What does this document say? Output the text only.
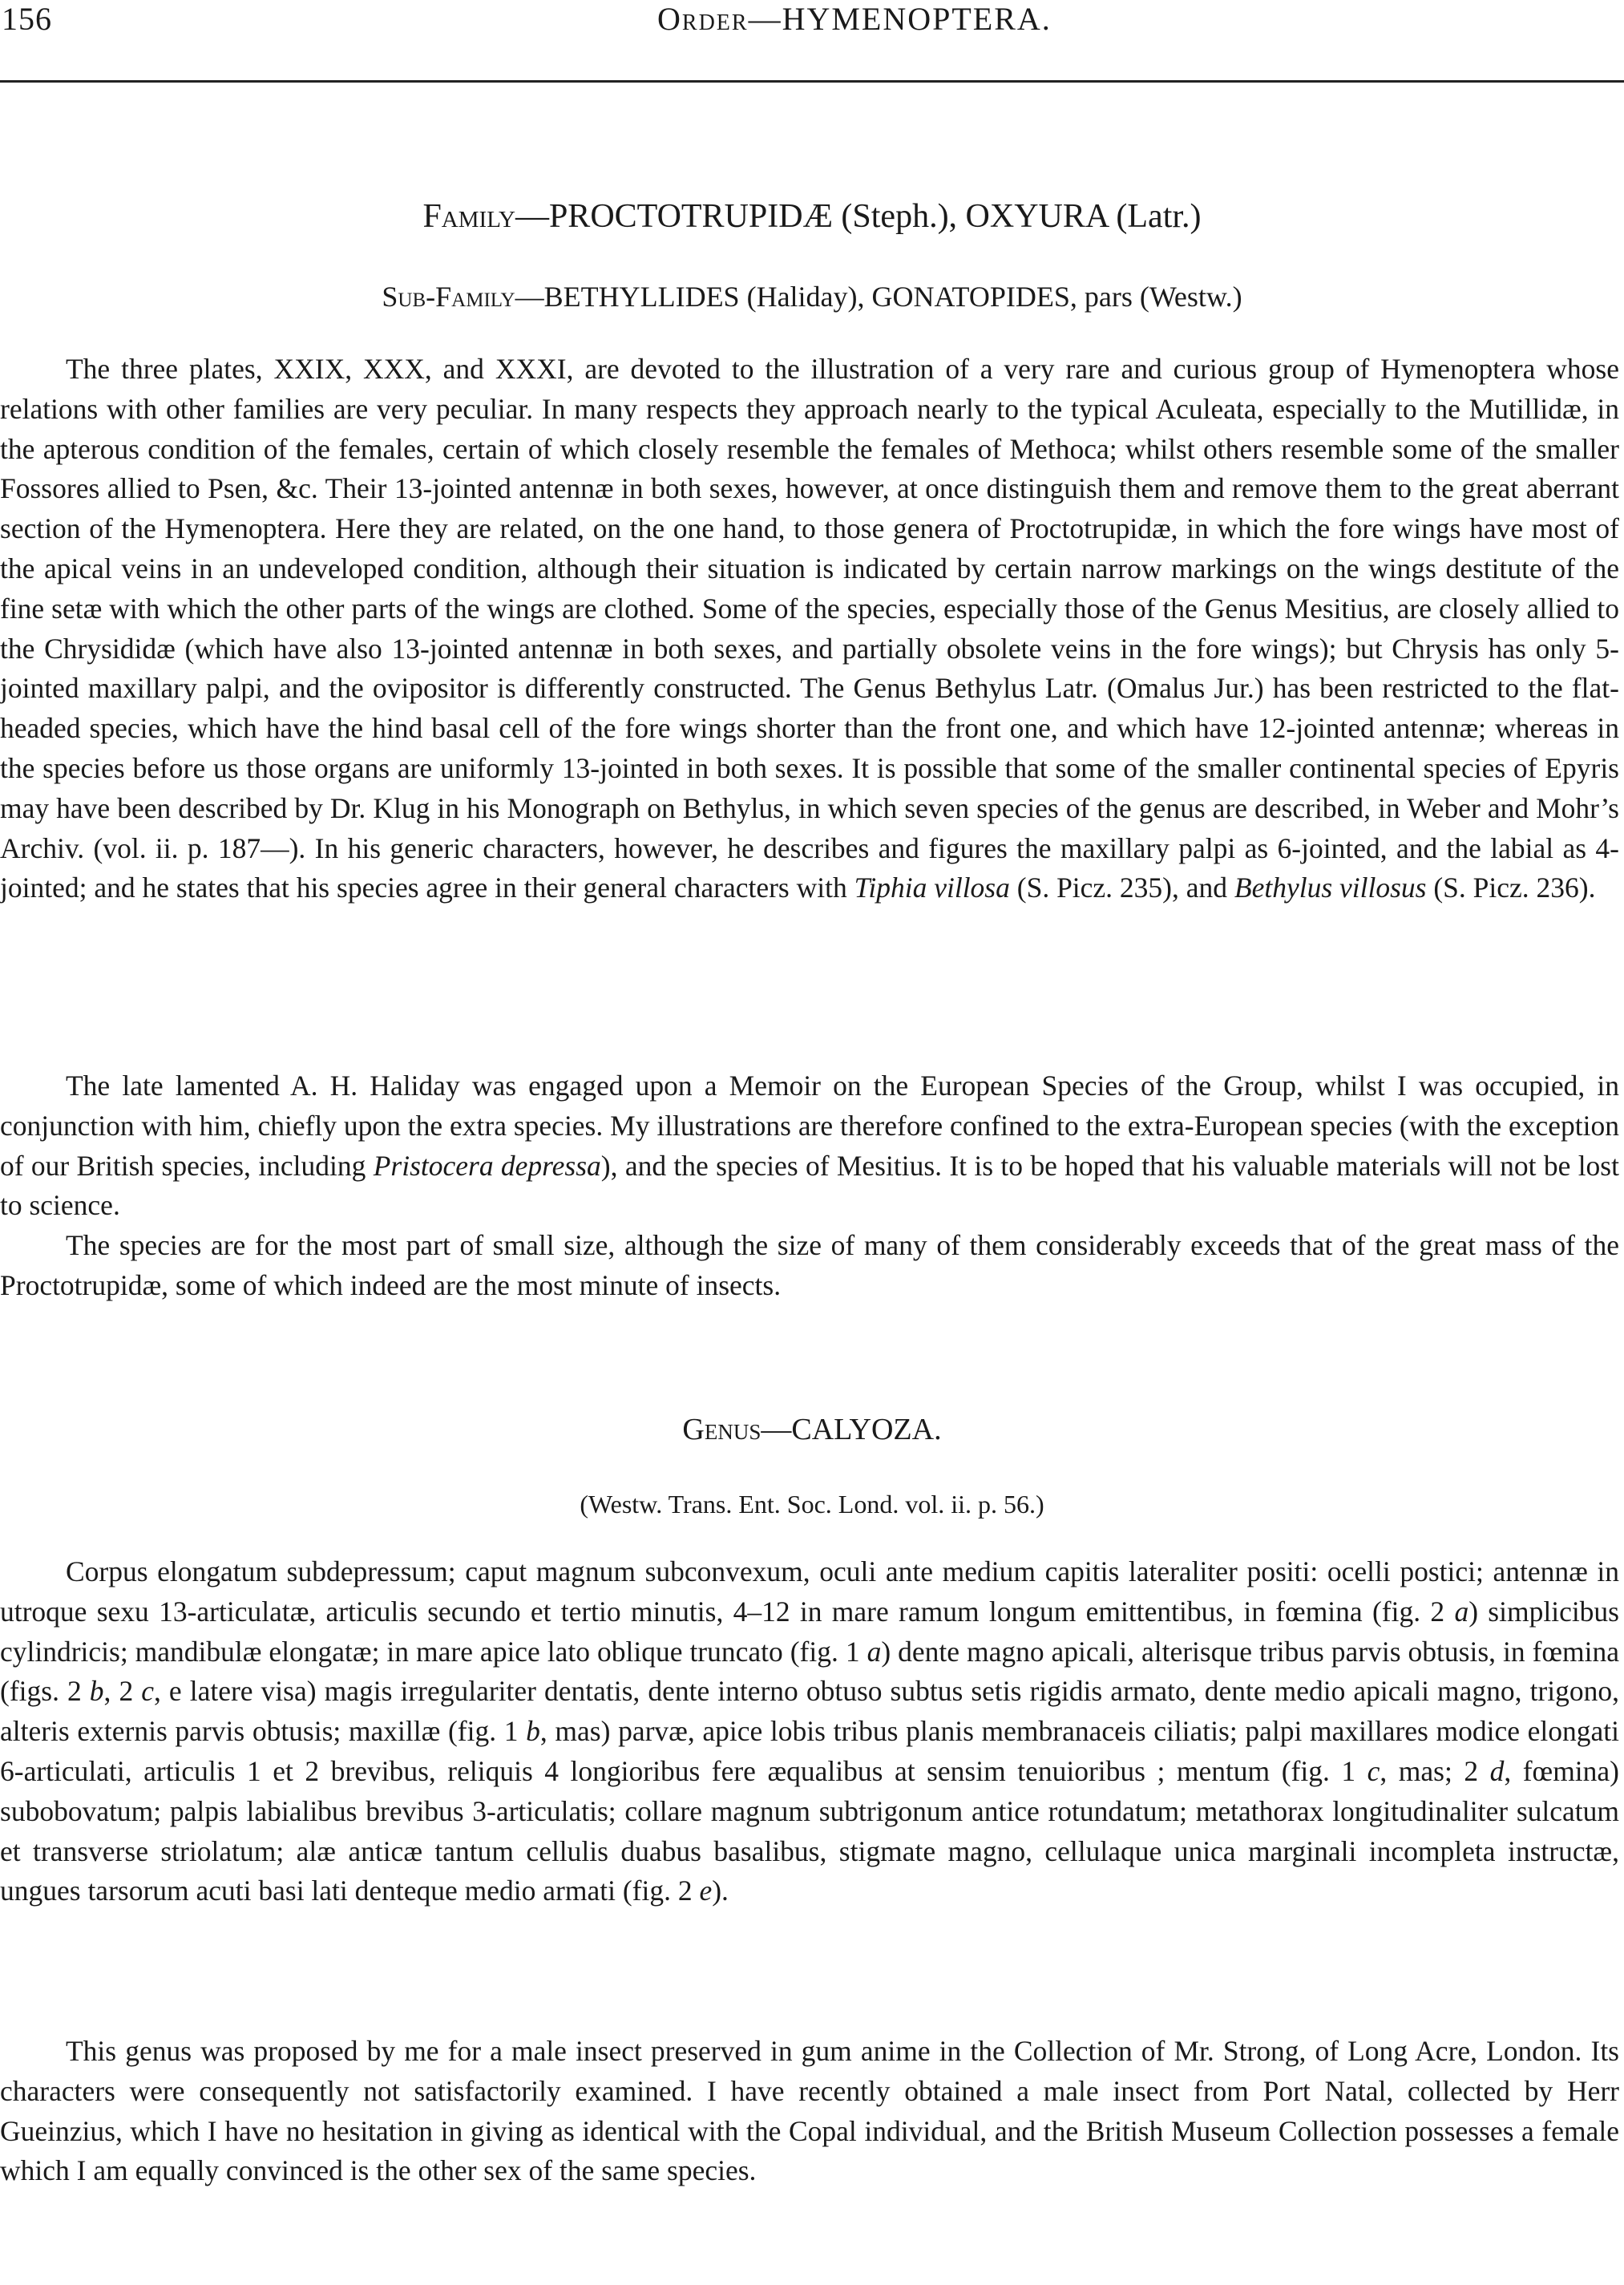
156	Order—HYMENOPTERA.
Family—PROCTOTRUPIDÆ (Steph.), OXYURA (Latr.)
Sub-Family—BETHYLLIDES (Haliday), GONATOPIDES, pars (Westw.)

The three plates, XXIX, XXX, and XXXI, are devoted to the illustration of a very rare and curious group of Hymenoptera whose relations with other families are very peculiar. In many respects they approach nearly to the typical Aculeata, especially to the Mutillidæ, in the apterous condition of the females, certain of which closely resemble the females of Methoca; whilst others resemble some of the smaller Fossores allied to Psen, &c. Their 13-jointed antennæ in both sexes, however, at once distinguish them and remove them to the great aberrant section of the Hymenoptera. Here they are related, on the one hand, to those genera of Proctotrupidæ, in which the fore wings have most of the apical veins in an undeveloped condition, although their situation is indicated by certain narrow markings on the wings destitute of the fine setæ with which the other parts of the wings are clothed. Some of the species, especially those of the Genus Mesitius, are closely allied to the Chrysididæ (which have also 13-jointed antennæ in both sexes, and partially obsolete veins in the fore wings); but Chrysis has only 5-jointed maxillary palpi, and the ovipositor is differently constructed. The Genus Bethylus Latr. (Omalus Jur.) has been restricted to the flat-headed species, which have the hind basal cell of the fore wings shorter than the front one, and which have 12-jointed antennæ; whereas in the species before us those organs are uniformly 13-jointed in both sexes. It is possible that some of the smaller continental species of Epyris may have been described by Dr. Klug in his Monograph on Bethylus, in which seven species of the genus are described, in Weber and Mohr’s Archiv. (vol. ii. p. 187—). In his generic characters, however, he describes and figures the maxillary palpi as 6-jointed, and the labial as 4-jointed; and he states that his species agree in their general characters with Tiphia villosa (S. Picz. 235), and Bethylus villosus (S. Picz. 236).

The late lamented A. H. Haliday was engaged upon a Memoir on the European Species of the Group, whilst I was occupied, in conjunction with him, chiefly upon the extra species. My illustrations are therefore confined to the extra-European species (with the exception of our British species, including Pristocera depressa), and the species of Mesitius. It is to be hoped that his valuable materials will not be lost to science.

The species are for the most part of small size, although the size of many of them considerably exceeds that of the great mass of the Proctotrupidæ, some of which indeed are the most minute of insects.

Genus—CALYOZA.
(Westw. Trans. Ent. Soc. Lond. vol. ii. p. 56.)

Corpus elongatum subdepressum; caput magnum subconvexum, oculi ante medium capitis lateraliter positi: ocelli postici; antennæ in utroque sexu 13-articulatæ, articulis secundo et tertio minutis, 4–12 in mare ramum longum emittentibus, in fœmina (fig. 2 a) simplicibus cylindricis; mandibulæ elongatæ; in mare apice lato oblique truncato (fig. 1 a) dente magno apicali, alterisque tribus parvis obtusis, in fœmina (figs. 2 b, 2 c, e latere visa) magis irregulariter dentatis, dente interno obtuso subtus setis rigidis armato, dente medio apicali magno, trigono, alteris externis parvis obtusis; maxillæ (fig. 1 b, mas) parvæ, apice lobis tribus planis membranaceis ciliatis; palpi maxillares modice elongati 6-articulati, articulis 1 et 2 brevibus, reliquis 4 longioribus fere æqualibus at sensim tenuioribus ; mentum (fig. 1 c, mas; 2 d, fœmina) subobovatum; palpis labialibus brevibus 3-articulatis; collare magnum subtrigonum antice rotundatum; metathorax longitudinaliter sulcatum et transverse striolatum; alæ anticæ tantum cellulis duabus basalibus, stigmate magno, cellulaque unica marginali incompleta instructæ, ungues tarsorum acuti basi lati denteque medio armati (fig. 2 e).

This genus was proposed by me for a male insect preserved in gum anime in the Collection of Mr. Strong, of Long Acre, London. Its characters were consequently not satisfactorily examined. I have recently obtained a male insect from Port Natal, collected by Herr Gueinzius, which I have no hesitation in giving as identical with the Copal individual, and the British Museum Collection possesses a female which I am equally convinced is the other sex of the same species.
